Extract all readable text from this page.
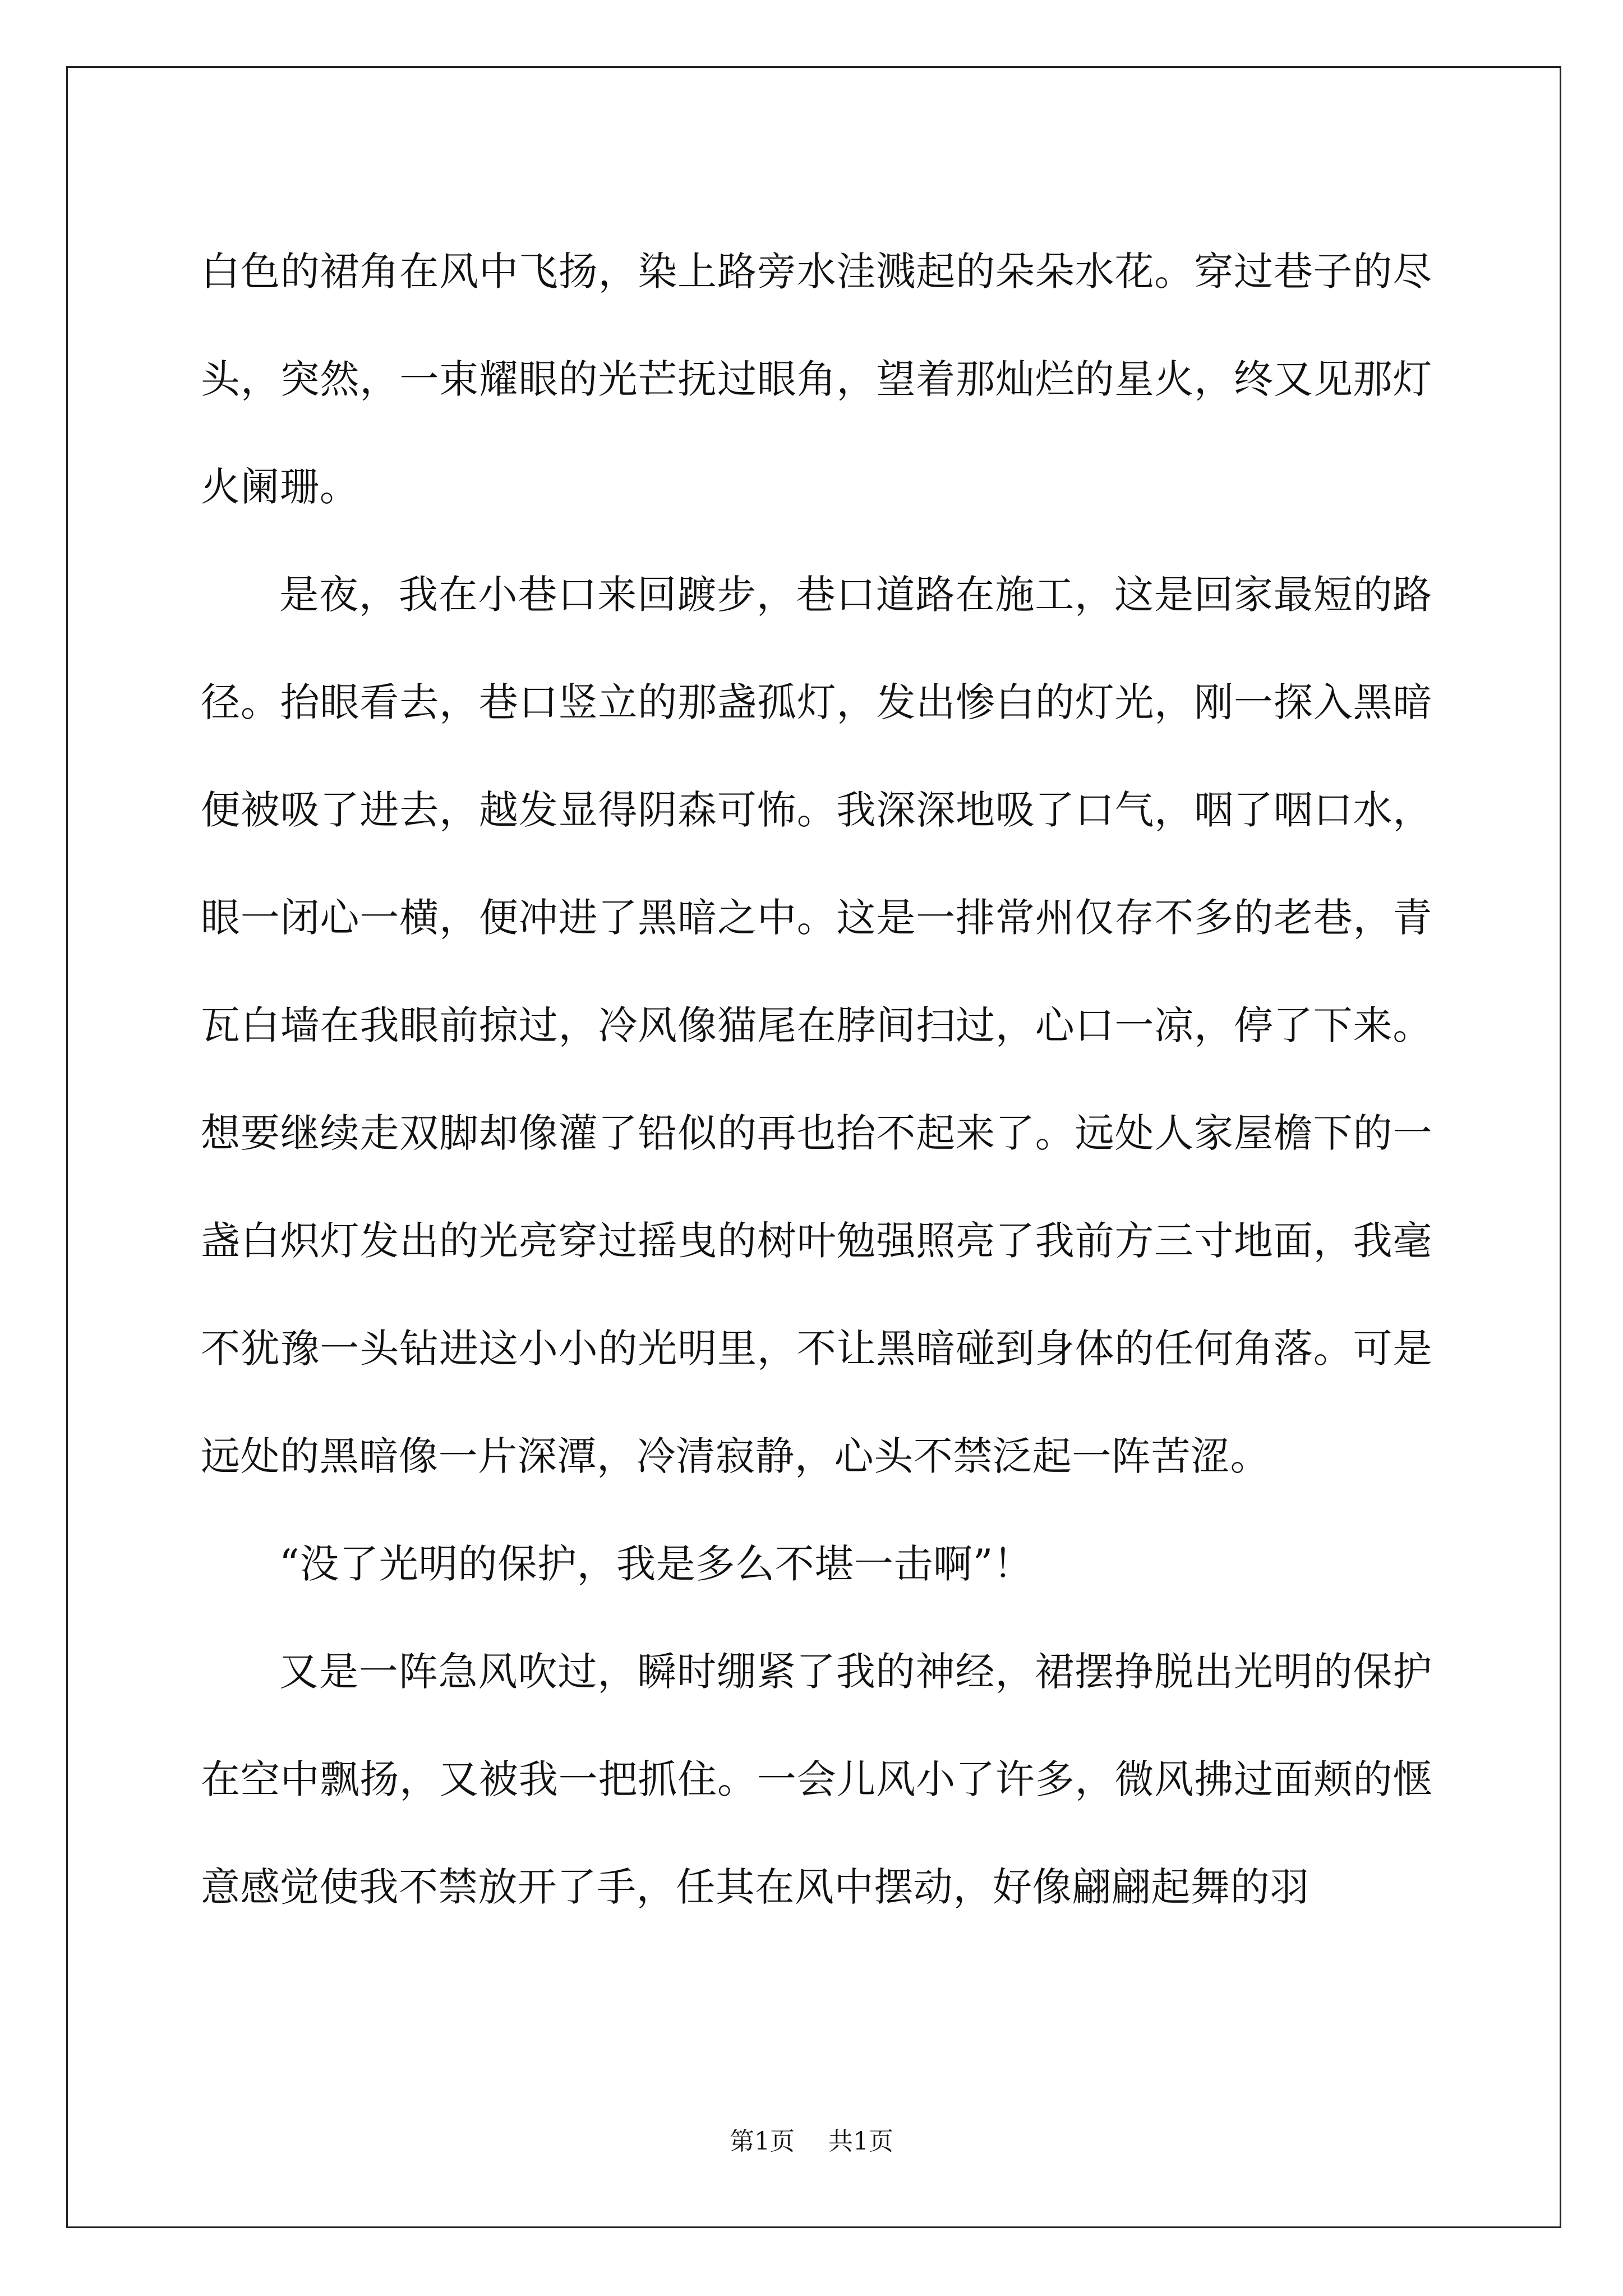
白色的裙角在风中飞扬，染上路旁水洼溅起的朵朵水花。穿过巷子的尽头，突然，一束耀眼的光芒抚过眼角，望着那灿烂的星火，终又见那灯火阑珊。

是夜，我在小巷口来回踱步，巷口道路在施工，这是回家最短的路径。抬眼看去，巷口竖立的那盏孤灯，发出惨白的灯光，刚一探入黑暗便被吸了进去，越发显得阴森可怖。我深深地吸了口气，咽了咽口水，眼一闭心一横，便冲进了黑暗之中。这是一排常州仅存不多的老巷，青瓦白墙在我眼前掠过，冷风像猫尾在脖间扫过，心口一凉，停了下来。想要继续走双脚却像灌了铅似的再也抬不起来了。远处人家屋檐下的一盏白炽灯发出的光亮穿过摇曳的树叶勉强照亮了我前方三寸地面，我毫不犹豫一头钻进这小小的光明里，不让黑暗碰到身体的任何角落。可是远处的黑暗像一片深潭，冷清寂静，心头不禁泛起一阵苦涩。

“没了光明的保护，我是多么不堪一击啊”！

又是一阵急风吹过，瞬时绷紧了我的神经，裙摆挣脱出光明的保护在空中飘扬，又被我一把抓住。一会儿风小了许多，微风拂过面颊的惬意感觉使我不禁放开了手，任其在风中摆动，好像翩翩起舞的羽

第1页 共1页
